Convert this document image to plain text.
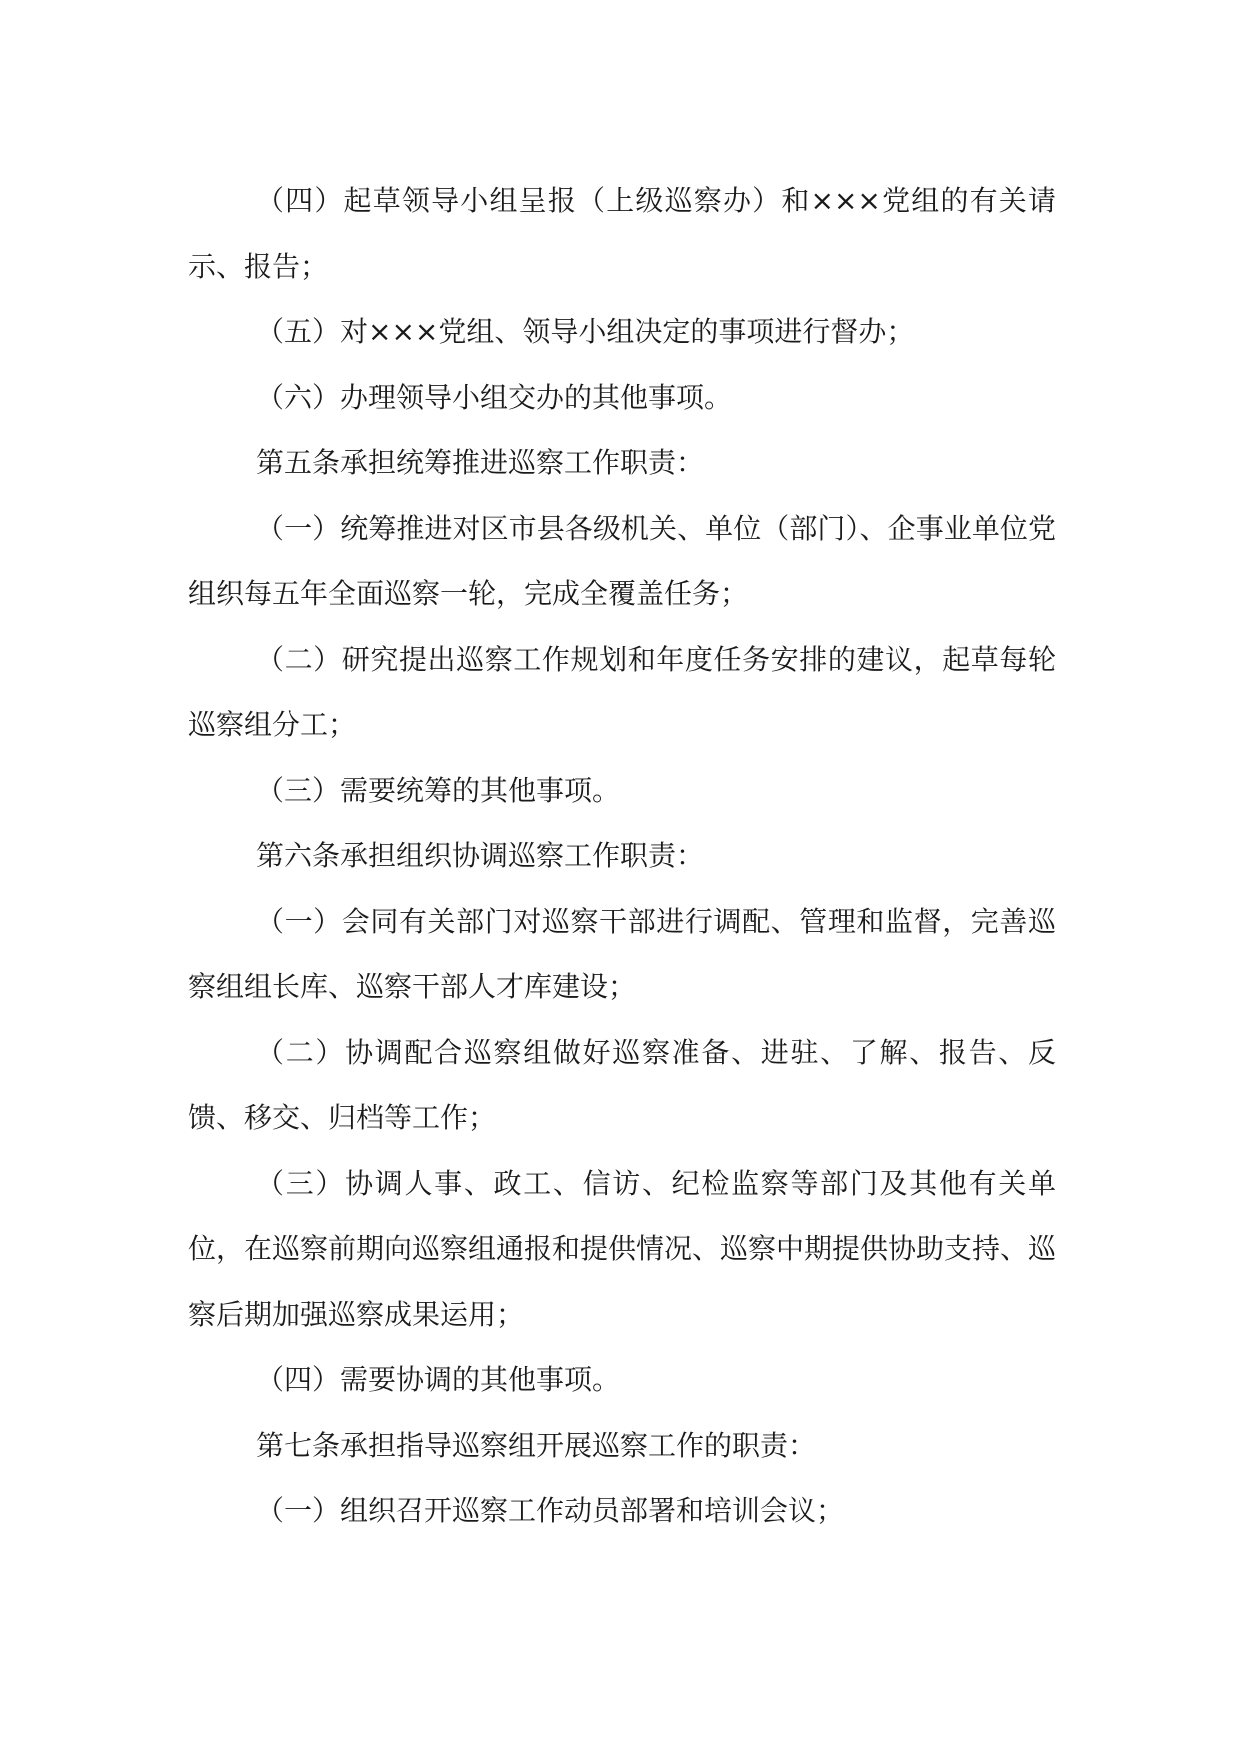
（四）起草领导小组呈报（上级巡察办）和×××党组的有关请示、报告；

（五）对×××党组、领导小组决定的事项进行督办；

（六）办理领导小组交办的其他事项。

第五条承担统筹推进巡察工作职责：

（一）统筹推进对区市县各级机关、单位（部门）、企事业单位党组织每五年全面巡察一轮，完成全覆盖任务；

（二）研究提出巡察工作规划和年度任务安排的建议，起草每轮巡察组分工；

（三）需要统筹的其他事项。

第六条承担组织协调巡察工作职责：

（一）会同有关部门对巡察干部进行调配、管理和监督，完善巡察组组长库、巡察干部人才库建设；

（二）协调配合巡察组做好巡察准备、进驻、了解、报告、反馈、移交、归档等工作；

（三）协调人事、政工、信访、纪检监察等部门及其他有关单位，在巡察前期向巡察组通报和提供情况、巡察中期提供协助支持、巡察后期加强巡察成果运用；

（四）需要协调的其他事项。

第七条承担指导巡察组开展巡察工作的职责：

（一）组织召开巡察工作动员部署和培训会议；
